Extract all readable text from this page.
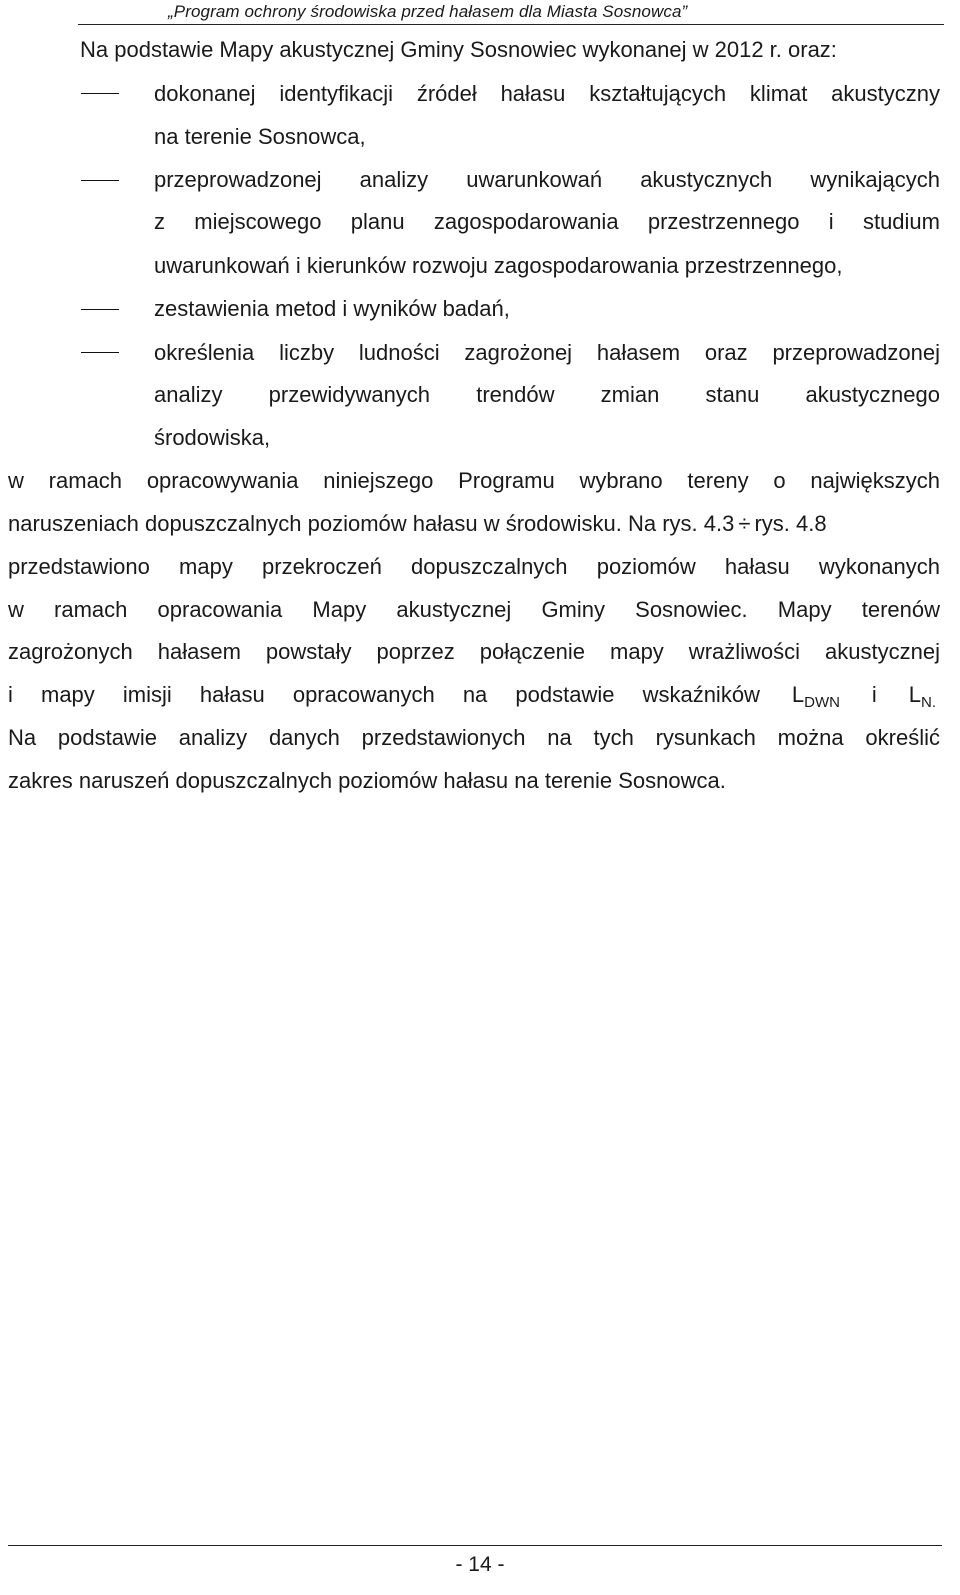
„Program ochrony środowiska przed hałasem dla Miasta Sosnowca”
Na podstawie Mapy akustycznej Gminy Sosnowiec wykonanej w 2012 r. oraz:
dokonanej identyfikacji źródeł hałasu kształtujących klimat akustyczny
na terenie Sosnowca,
przeprowadzonej analizy uwarunkowań akustycznych wynikających
z miejscowego planu zagospodarowania przestrzennego i studium
uwarunkowań i kierunków rozwoju zagospodarowania przestrzennego,
zestawienia metod i wyników badań,
określenia liczby ludności zagrożonej hałasem oraz przeprowadzonej
analizy przewidywanych trendów zmian stanu akustycznego
środowiska,
w ramach opracowywania niniejszego Programu wybrano tereny o największych
naruszeniach dopuszczalnych poziomów hałasu w środowisku. Na rys. 4.3 ÷ rys. 4.8
przedstawiono mapy przekroczeń dopuszczalnych poziomów hałasu wykonanych
w ramach opracowania Mapy akustycznej Gminy Sosnowiec. Mapy terenów
zagrożonych hałasem powstały poprzez połączenie mapy wrażliwości akustycznej
i mapy imisji hałasu opracowanych na podstawie wskaźników $L_{DWN}$ i $L_{N.}$
Na podstawie analizy danych przedstawionych na tych rysunkach można określić
zakres naruszeń dopuszczalnych poziomów hałasu na terenie Sosnowca.
- 14 -
